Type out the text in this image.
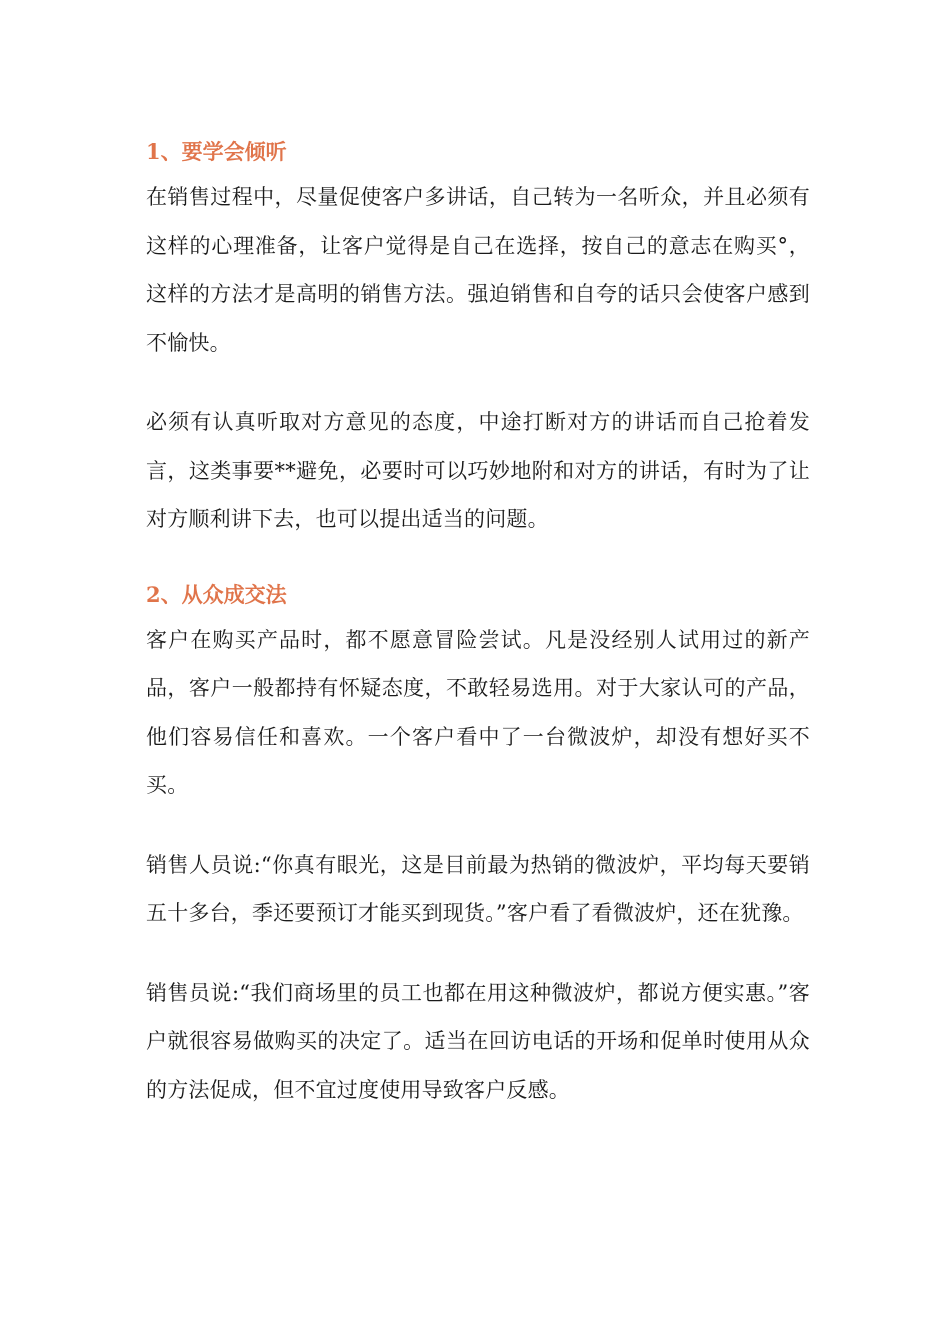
1、要学会倾听

在销售过程中，尽量促使客户多讲话，自己转为一名听众，并且必须有这样的心理准备，让客户觉得是自己在选择，按自己的意志在购买°，这样的方法才是高明的销售方法。强迫销售和自夸的话只会使客户感到不愉快。

必须有认真听取对方意见的态度，中途打断对方的讲话而自己抢着发言，这类事要**避免，必要时可以巧妙地附和对方的讲话，有时为了让对方顺利讲下去，也可以提出适当的问题。

2、从众成交法

客户在购买产品时，都不愿意冒险尝试。凡是没经别人试用过的新产品，客户一般都持有怀疑态度，不敢轻易选用。对于大家认可的产品，他们容易信任和喜欢。一个客户看中了一台微波炉，却没有想好买不买。

销售人员说:“你真有眼光，这是目前最为热销的微波炉，平均每天要销五十多台，季还要预订才能买到现货。”客户看了看微波炉，还在犹豫。

销售员说:“我们商场里的员工也都在用这种微波炉，都说方便实惠。”客户就很容易做购买的决定了。适当在回访电话的开场和促单时使用从众的方法促成，但不宜过度使用导致客户反感。
